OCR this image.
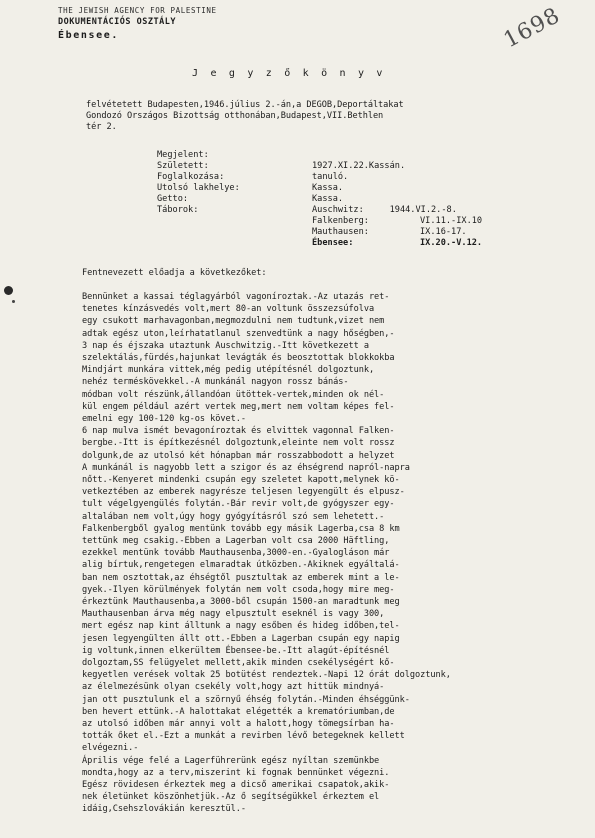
THE JEWISH AGENCY FOR PALESTINE
DOKUMENTÁCIÓS OSZTÁLY
Ébensee.	1698
J e g y z ő k ö n y v
felvétetett Budapesten,1946.július 2.-án,a DEGOB,Deportáltakat
Gondozó Országos Bizottság otthonában,Budapest,VII.Bethlen
tér 2.
Megjelent:
Született:	1927.XI.22.Kassán.
Foglalkozása:	tanuló.
Utolsó lakhelye:	Kassa.
Getto:	Kassa.
Táborok:	Auschwitz:     1944.VI.2.-8.
Falkenberg:	VI.11.-IX.10
Mauthausen:	IX.16-17.
Ébensee:	IX.20.-V.12.
Fentnevezett előadja a következőket:
Bennünket a kassai téglagyárból vagoníroztak.-Az utazás ret-
tenetes kínzásvedés volt,mert 80-an voltunk összezsúfolva
egy csukott marhavagonban,megmozdulni nem tudtunk,vizet nem
adtak egész uton,leírhatatlanul szenvedtünk a nagy hőségben,-
3 nap és éjszaka utaztunk Auschwitzig.-Itt következett a
szelektálás,fürdés,hajunkat levágták és beosztottak blokkokba
Mindjárt munkára vittek,még pedig utépítésnél dolgoztunk,
nehéz terméskövekkel.-A munkánál nagyon rossz bánás-
módban volt részünk,állandóan ütöttek-vertek,minden ok nél-
kül engem például azért vertek meg,mert nem voltam képes fel-
emelni egy 100-120 kg-os követ.-
6 nap mulva ismét bevagoníroztak és elvittek vagonnal Falken-
bergbe.-Itt is építkezésnél dolgoztunk,eleinte nem volt rossz
dolgunk,de az utolsó két hónapban már rosszabbodott a helyzet
A munkánál is nagyobb lett a szigor és az éhségrend napról-napra
nőtt.-Kenyeret mindenki csupán egy szeletet kapott,melynek kö-
vetkeztében az emberek nagyrésze teljesen legyengült és elpusz-
tult végelgyengülés folytán.-Bár revir volt,de gyógyszer egy-
altalában nem volt,úgy hogy gyógyításról szó sem lehetett.-
Falkenbergből gyalog mentünk tovább egy másik Lagerba,csa 8 km
tettünk meg csakig.-Ebben a Lagerban volt csa 2000 Häftling,
ezekkel mentünk tovább Mauthausenba,3000-en.-Gyalogláson már
alig bírtuk,rengetegen elmaradtak útközben.-Akiknek egyáltalá-
ban nem osztottak,az éhségtől pusztultak az emberek mint a le-
gyek.-Ilyen körülmények folytán nem volt csoda,hogy mire meg-
érkeztünk Mauthausenba,a 3000-ből csupán 1500-an maradtunk meg
Mauthausenban árva még nagy elpusztult eseknél is vagy 300,
mert egész nap kint álltunk a nagy esőben és hideg időben,tel-
jesen legyengülten állt ott.-Ebben a Lagerban csupán egy napig
ig voltunk,innen elkerültem Ébensee-be.-Itt alagút-építésnél
dolgoztam,SS felügyelet mellett,akik minden csekélységért kő-
kegyetlen verések voltak 25 botütést rendeztek.-Napi 12 órát dolgoztunk,
az élelmezésünk olyan csekély volt,hogy azt hittük mindnyá-
jan ott pusztulunk el a szörnyű éhség folytán.-Minden éhséggünk-
ben hevert ettünk.-A halottakat elégették a krematóriumban,de
az utolsó időben már annyi volt a halott,hogy tömegsírban ha-
tották őket el.-Ezt a munkát a revirben lévő betegeknek kellett
elvégezni.-
Április vége felé a Lagerführerünk egész nyíltan szemünkbe
mondta,hogy az a terv,miszerint ki fognak bennünket végezni.
Egész rövidesen érkeztek meg a dicső amerikai csapatok,akik-
nek életünket köszönhetjük.-Az ő segítségükkel érkeztem el
idáig,Csehszlovákián keresztül.-
